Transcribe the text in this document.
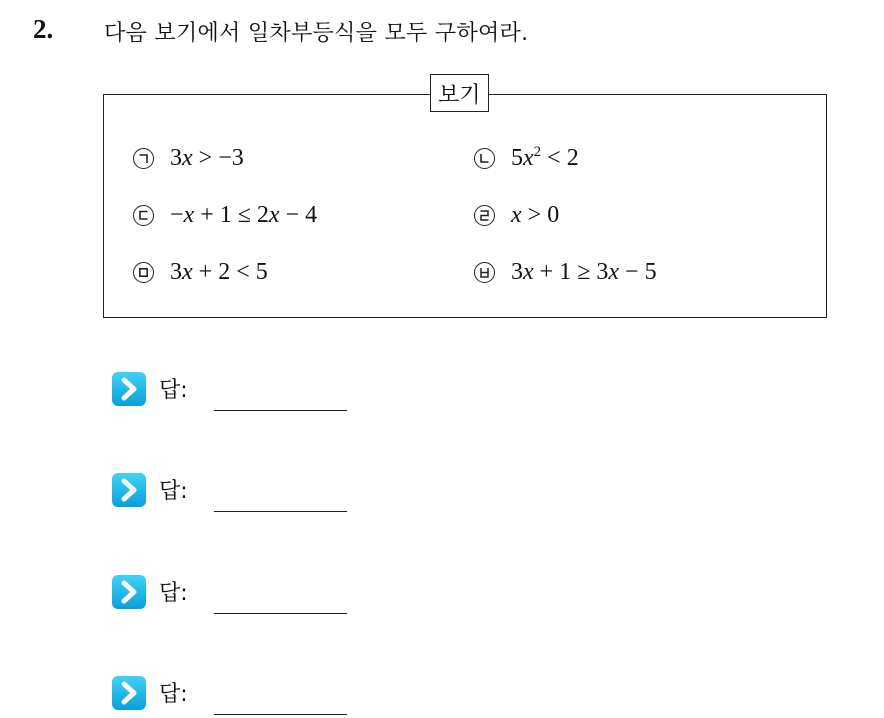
2. 다음 보기에서 일차부등식을 모두 구하여라.
보기
3x > −3	$5x^2 < 2$
−x + 1 ≤ 2x − 4	x > 0
3x + 2 < 5	3x + 1 ≥ 3x − 5
답:
답:
답:
답:
